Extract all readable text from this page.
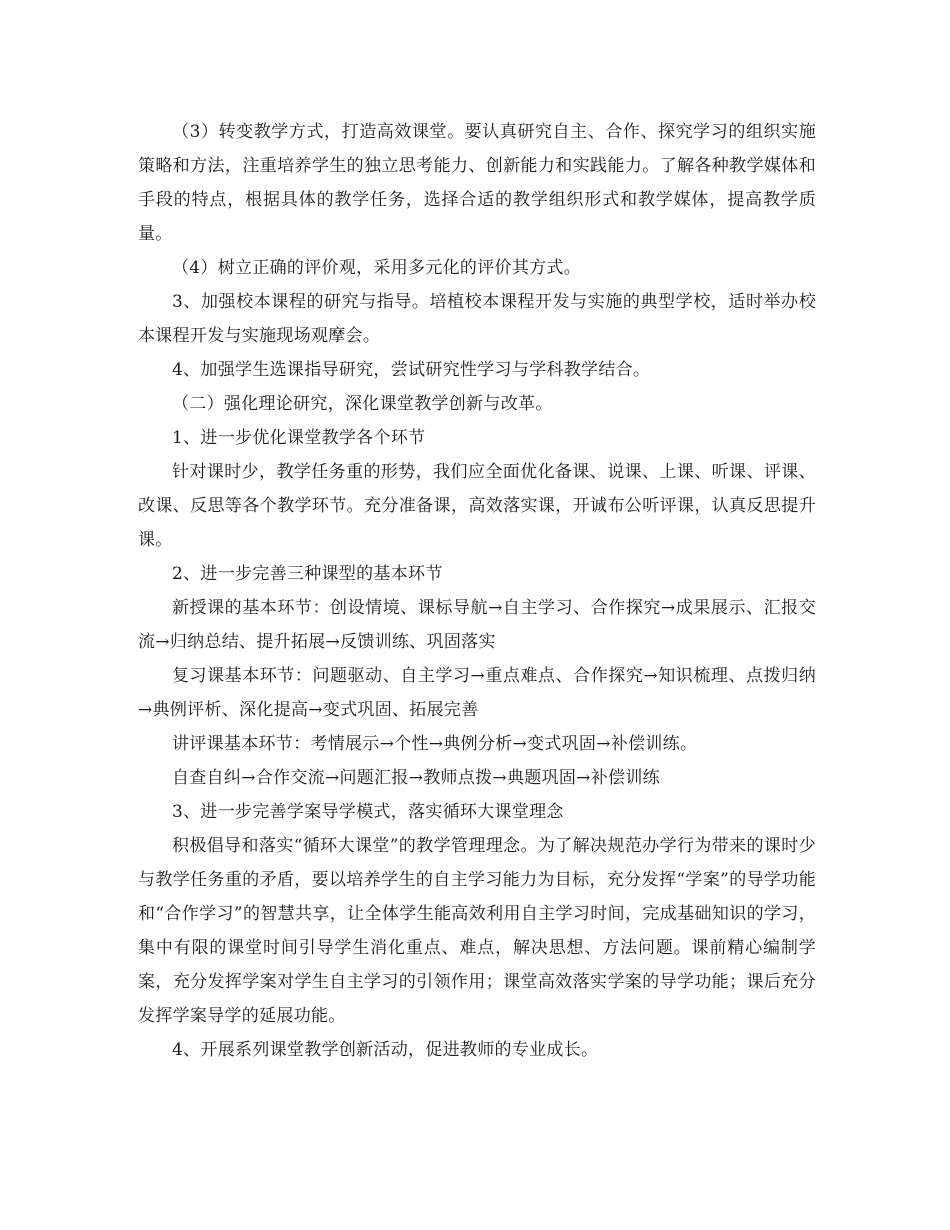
（3）转变教学方式，打造高效课堂。要认真研究自主、合作、探究学习的组织实施策略和方法，注重培养学生的独立思考能力、创新能力和实践能力。了解各种教学媒体和手段的特点，根据具体的教学任务，选择合适的教学组织形式和教学媒体，提高教学质量。

（4）树立正确的评价观，采用多元化的评价其方式。

3、加强校本课程的研究与指导。培植校本课程开发与实施的典型学校，适时举办校本课程开发与实施现场观摩会。

4、加强学生选课指导研究，尝试研究性学习与学科教学结合。

（二）强化理论研究，深化课堂教学创新与改革。

1、进一步优化课堂教学各个环节

针对课时少，教学任务重的形势，我们应全面优化备课、说课、上课、听课、评课、改课、反思等各个教学环节。充分准备课，高效落实课，开诚布公听评课，认真反思提升课。

2、进一步完善三种课型的基本环节

新授课的基本环节：创设情境、课标导航→自主学习、合作探究→成果展示、汇报交流→归纳总结、提升拓展→反馈训练、巩固落实

复习课基本环节：问题驱动、自主学习→重点难点、合作探究→知识梳理、点拨归纳→典例评析、深化提高→变式巩固、拓展完善

讲评课基本环节：考情展示→个性→典例分析→变式巩固→补偿训练。

自查自纠→合作交流→问题汇报→教师点拨→典题巩固→补偿训练

3、进一步完善学案导学模式，落实循环大课堂理念

积极倡导和落实“循环大课堂”的教学管理理念。为了解决规范办学行为带来的课时少与教学任务重的矛盾，要以培养学生的自主学习能力为目标，充分发挥“学案”的导学功能和“合作学习”的智慧共享，让全体学生能高效利用自主学习时间，完成基础知识的学习，集中有限的课堂时间引导学生消化重点、难点，解决思想、方法问题。课前精心编制学案，充分发挥学案对学生自主学习的引领作用；课堂高效落实学案的导学功能；课后充分发挥学案导学的延展功能。

4、开展系列课堂教学创新活动，促进教师的专业成长。
